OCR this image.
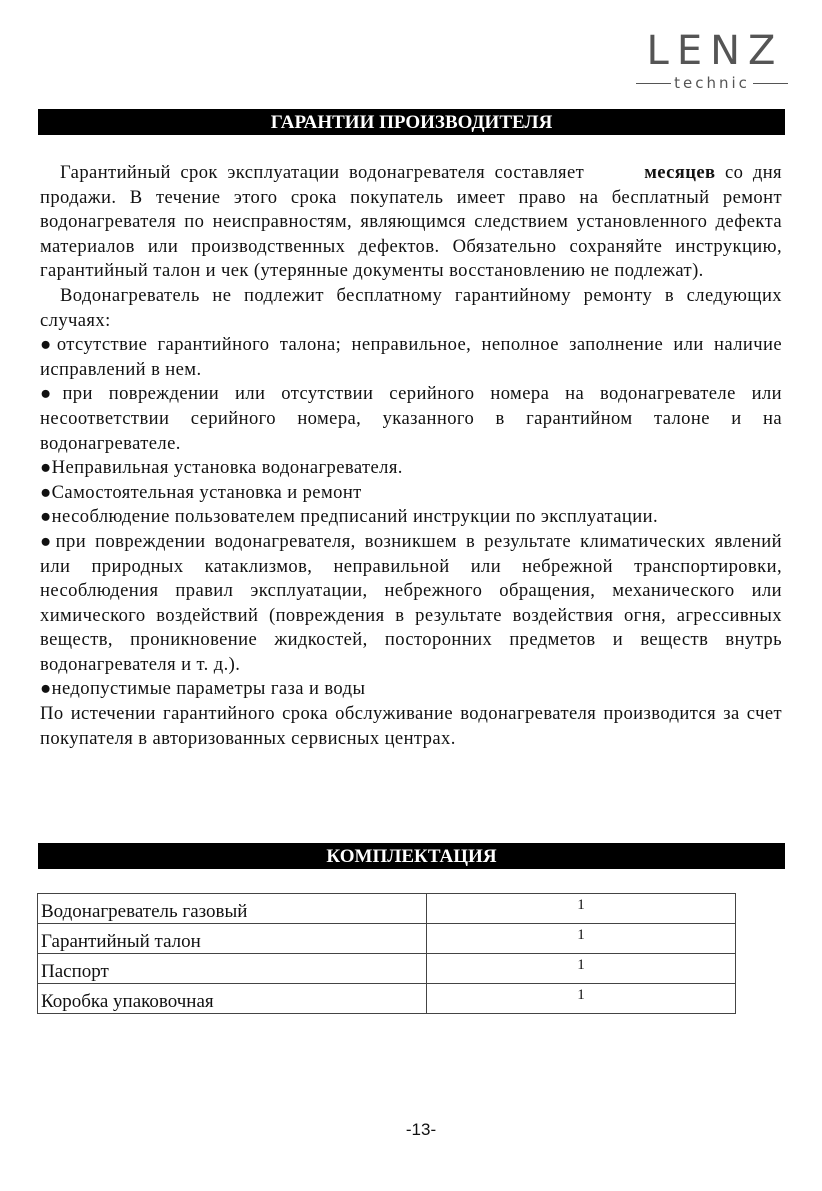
LENZ
technic
ГАРАНТИИ ПРОИЗВОДИТЕЛЯ

Гарантийный срок эксплуатации водонагревателя составляет	месяцев со дня продажи. В течение этого срока покупатель имеет право на бесплатный ремонт водонагревателя по неисправностям, являющимся следствием установленного дефекта материалов или производственных дефектов. Обязательно сохраняйте инструкцию, гарантийный талон и чек (утерянные документы восстановлению не подлежат).

Водонагреватель не подлежит бесплатному гарантийному ремонту в следующих случаях:

●отсутствие гарантийного талона; неправильное, неполное заполнение или наличие исправлений в нем.

●при повреждении или отсутствии серийного номера на водонагревателе или несоответствии серийного номера, указанного в гарантийном талоне и на водонагревателе.

●Неправильная установка водонагревателя.

●Самостоятельная установка и ремонт

●несоблюдение пользователем предписаний инструкции по эксплуатации.

●при повреждении водонагревателя, возникшем в результате климатических явлений или природных катаклизмов, неправильной или небрежной транспортировки, несоблюдения правил эксплуатации, небрежного обращения, механического или химического воздействий (повреждения в результате воздействия огня, агрессивных веществ, проникновение жидкостей, посторонних предметов и веществ внутрь водонагревателя и т. д.).

●недопустимые параметры газа и воды

По истечении гарантийного срока обслуживание водонагревателя производится за счет покупателя в авторизованных сервисных центрах.

КОМПЛЕКТАЦИЯ
Водонагреватель газовый	1
Гарантийный талон	1
Паспорт	1
Коробка упаковочная	1
-13-
